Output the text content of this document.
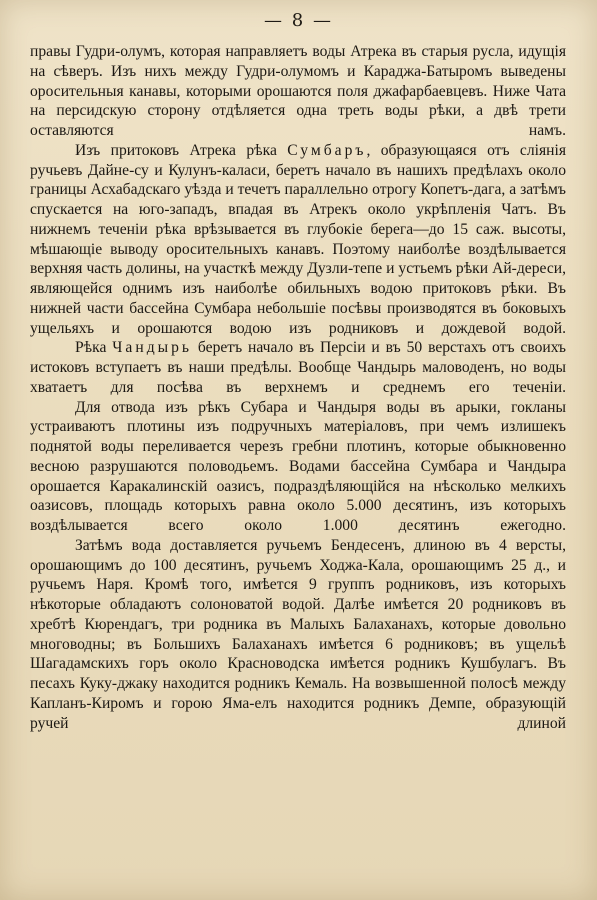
— 8 —

правы Гудри-олумъ, которая направляетъ воды Атрека въ старыя русла, идущія на сѣверъ. Изъ нихъ между Гудри-олумомъ и Караджа-Батыромъ выведены оросительныя канавы, которыми орошаются поля джафарбаевцевъ. Ниже Чата на персидскую сторону отдѣляется одна треть воды рѣки, а двѣ трети оставляются намъ.

Изъ притоковъ Атрека рѣка Сумбаръ, образующаяся отъ слiянія ручьевъ Дайне-су и Кулунъ-каласи, беретъ начало въ нашихъ предѣлахъ около границы Асхабадскаго уѣзда и течетъ параллельно отрогу Копетъ-дага, а затѣмъ спускается на юго-западъ, впадая въ Атрекъ около укрѣпленія Чатъ. Въ нижнемъ теченіи рѣка врѣзывается въ глубокіе берега—до 15 саж. высоты, мѣшающіе выводу оросительныхъ канавъ. Поэтому наиболѣе воздѣлывается верхняя часть долины, на участкѣ между Дузли-тепе и устьемъ рѣки Ай-дереси, являющейся однимъ изъ наиболѣе обильныхъ водою притоковъ рѣки. Въ нижней части бассейна Сумбара небольшіе посѣвы производятся въ боковыхъ ущельяхъ и орошаются водою изъ родниковъ и дождевой водой.

Рѣка Чандырь беретъ начало въ Персіи и въ 50 верстахъ отъ своихъ истоковъ вступаетъ въ наши предѣлы. Вообще Чандырь маловоденъ, но воды хватаетъ для посѣва въ верхнемъ и среднемъ его теченіи.

Для отвода изъ рѣкъ Субара и Чандыря воды въ арыки, гокланы устраиваютъ плотины изъ подручныхъ матеріаловъ, при чемъ излишекъ поднятой воды переливается черезъ гребни плотинъ, которые обыкновенно весною разрушаются половодьемъ. Водами бассейна Сумбара и Чандыра орошается Каракалинскій оазисъ, подраздѣляющійся на нѣсколько мелкихъ оазисовъ, площадь которыхъ равна около 5.000 десятинъ, изъ которыхъ воздѣлывается всего около 1.000 десятинъ ежегодно.

Затѣмъ вода доставляется ручьемъ Бендесенъ, длиною въ 4 версты, орошающимъ до 100 десятинъ, ручьемъ Ходжа-Кала, орошающимъ 25 д., и ручьемъ Наря. Кромѣ того, имѣется 9 группъ родниковъ, изъ которыхъ нѣкоторые обладаютъ солоноватой водой. Далѣе имѣется 20 родниковъ въ хребтѣ Кюрендагъ, три родника въ Малыхъ Балаханахъ, которые довольно многоводны; въ Большихъ Балаханахъ имѣется 6 родниковъ; въ ущельѣ Шагадамскихъ горъ около Красноводска имѣется родникъ Кушбулагъ. Въ песахъ Куку-джаку находится родникъ Кемаль. На возвышенной полосѣ между Капланъ-Киромъ и горою Яма-елъ находится родникъ Демпе, образующій ручей длиной
